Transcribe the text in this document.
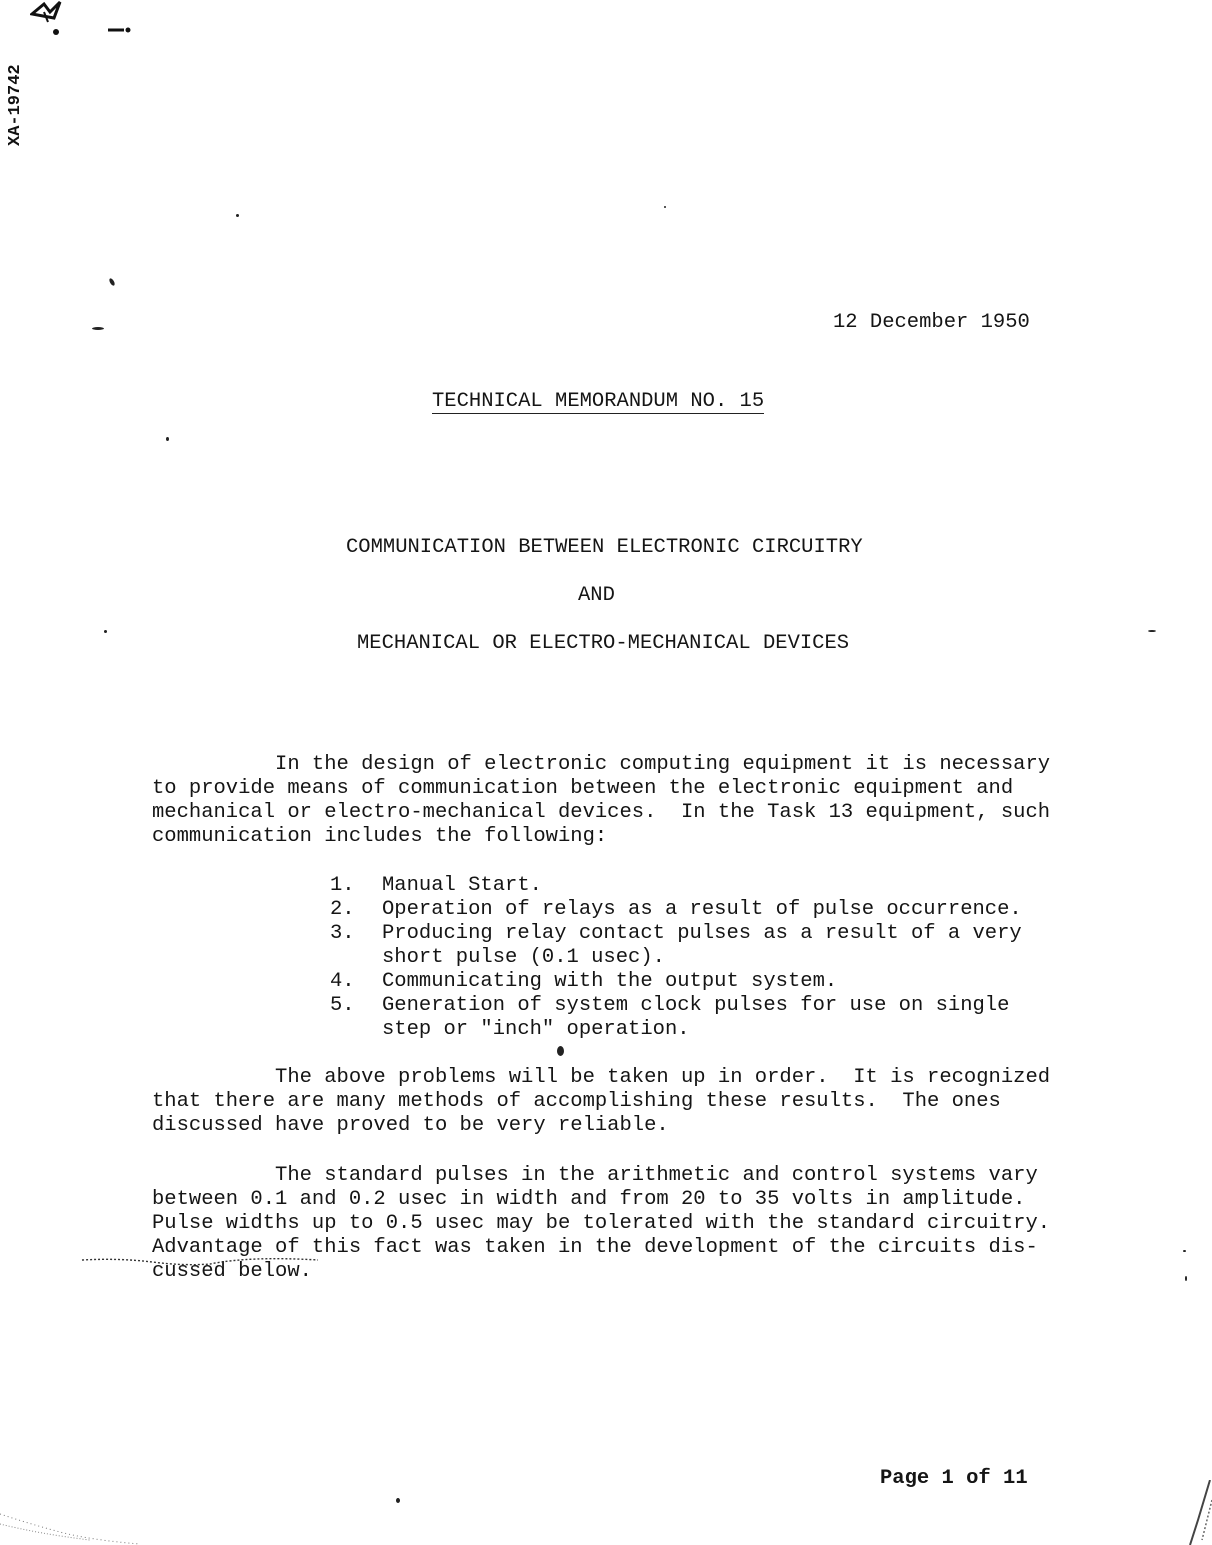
XA-19742
12 December 1950
TECHNICAL MEMORANDUM NO. 15
COMMUNICATION BETWEEN ELECTRONIC CIRCUITRY
AND
MECHANICAL OR ELECTRO-MECHANICAL DEVICES
In the design of electronic computing equipment it is necessary
to provide means of communication between the electronic equipment and
mechanical or electro-mechanical devices.  In the Task 13 equipment, such
communication includes the following:
1. Manual Start.
2. Operation of relays as a result of pulse occurrence.
3. Producing relay contact pulses as a result of a very
short pulse (0.1 usec).
4. Communicating with the output system.
5. Generation of system clock pulses for use on single
step or "inch" operation.
The above problems will be taken up in order.  It is recognized
that there are many methods of accomplishing these results.  The ones
discussed have proved to be very reliable.
The standard pulses in the arithmetic and control systems vary
between 0.1 and 0.2 usec in width and from 20 to 35 volts in amplitude.
Pulse widths up to 0.5 usec may be tolerated with the standard circuitry.
Advantage of this fact was taken in the development of the circuits dis-
cussed below.
Page 1 of 11
